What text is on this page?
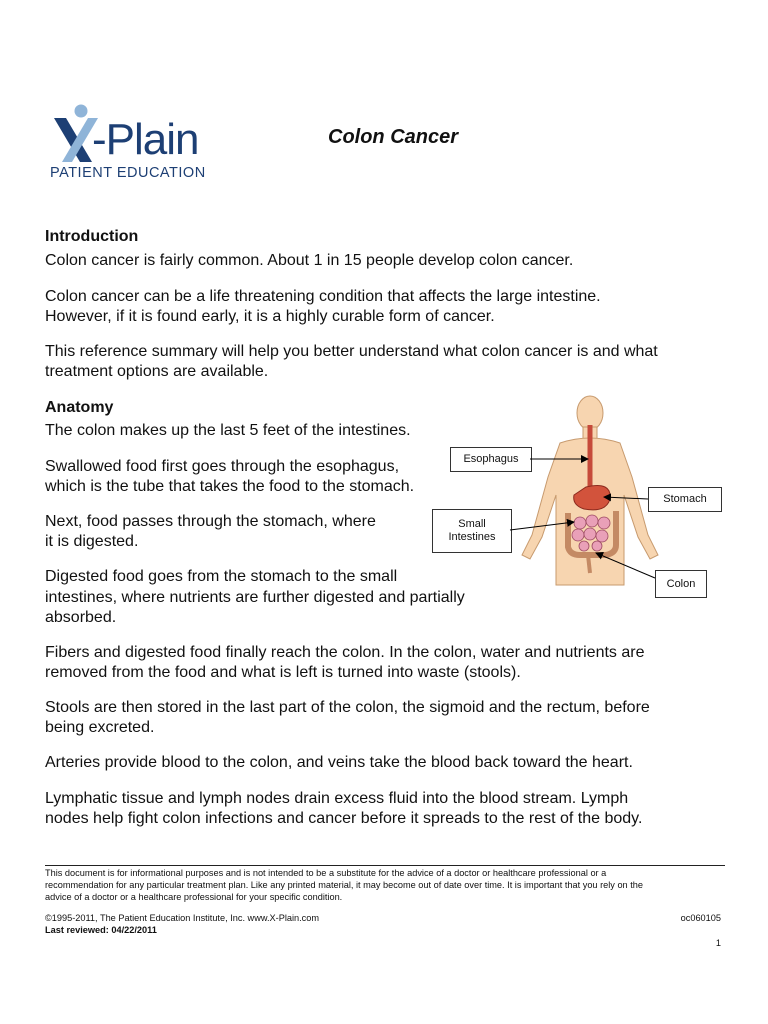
-Plain
PATIENT EDUCATION
Colon Cancer
Introduction
Colon cancer is fairly common. About 1 in 15 people develop colon cancer.
Colon cancer can be a life threatening condition that affects the large intestine.
However, if it is found early, it is a highly curable form of cancer.
This reference summary will help you better understand what colon cancer is and what
treatment options are available.
Anatomy
The colon makes up the last 5 feet of the intestines.
Swallowed food first goes through the esophagus,
which is the tube that takes the food to the stomach.
Next, food passes through the stomach, where
it is digested.
Digested food goes from the stomach to the small
intestines, where nutrients are further digested and partially
absorbed.
Fibers and digested food finally reach the colon. In the colon, water and nutrients are
removed from the food and what is left is turned into waste (stools).
Stools are then stored in the last part of the colon, the sigmoid and the rectum, before
being excreted.
Arteries provide blood to the colon, and veins take the blood back toward the heart.
Lymphatic tissue and lymph nodes drain excess fluid into the blood stream. Lymph
nodes help fight colon infections and cancer before it spreads to the rest of the body.
Esophagus
Stomach
Small
Intestines
Colon
This document is for informational purposes and is not intended to be a substitute for the advice of a doctor or healthcare professional or a
recommendation for any particular treatment plan. Like any printed material, it may become out of date over time. It is important that you rely on the
advice of a doctor or a healthcare professional for your specific condition.
©1995-2011, The Patient Education Institute, Inc. www.X-Plain.com	oc060105
Last reviewed: 04/22/2011
1
